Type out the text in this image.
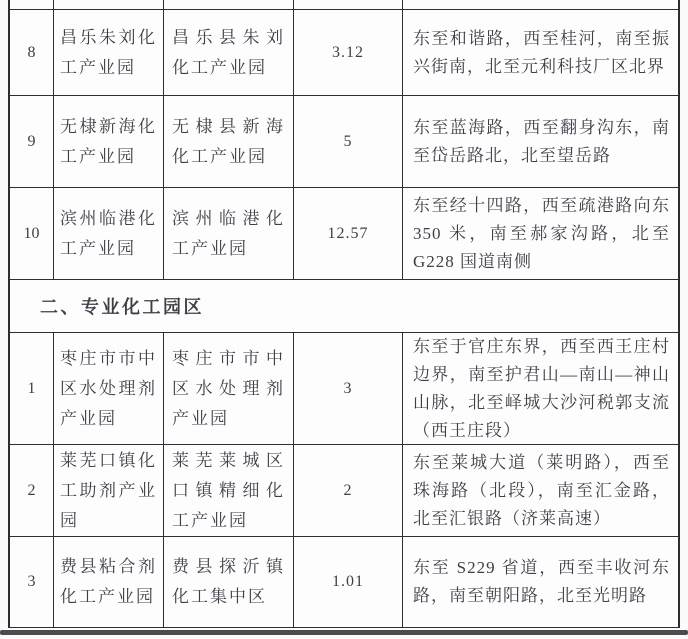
8
昌乐朱刘化工产业园
昌乐县朱刘化工产业园
3.12
东至和谐路，西至桂河，南至振兴街南，北至元利科技厂区北界
9
无棣新海化工产业园
无棣县新海化工产业园
5
东至蓝海路，西至翻身沟东，南至岱岳路北，北至望岳路
10
滨州临港化工产业园
滨州临港化工产业园
12.57
东至经十四路，西至疏港路向东350 米，南至郝家沟路，北至G228 国道南侧
二、专业化工园区
1
枣庄市市中区水处理剂产业园
枣庄市市中区水处理剂产业园
3
东至于官庄东界，西至西王庄村边界，南至护君山—南山—神山山脉，北至峄城大沙河税郭支流（西王庄段）
2
莱芜口镇化工助剂产业园
莱芜莱城区口镇精细化工产业园
2
东至莱城大道（莱明路），西至珠海路（北段），南至汇金路，北至汇银路（济莱高速）
3
费县粘合剂化工产业园
费县探沂镇化工集中区
1.01
东至 S229 省道，西至丰收河东路，南至朝阳路，北至光明路
